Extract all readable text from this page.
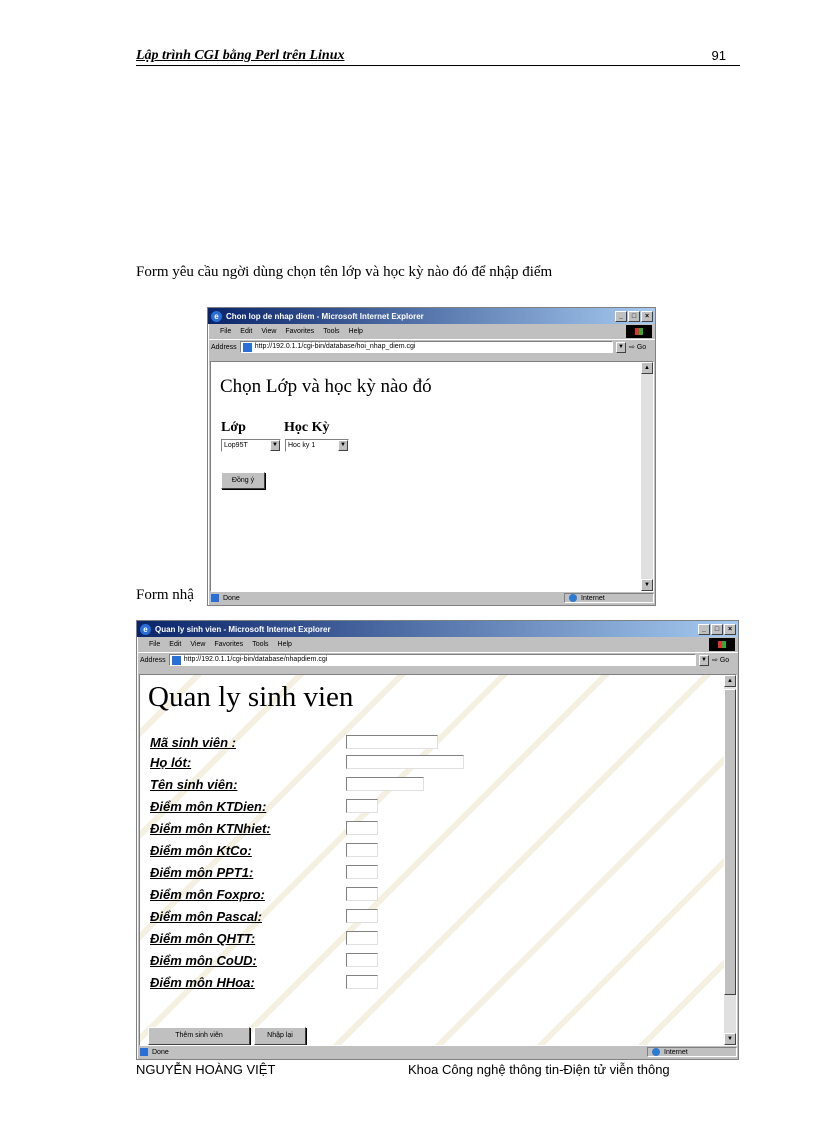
Lập trình CGI bằng Perl trên Linux	91
Form yêu cầu ngời dùng chọn tên lớp và học kỳ nào đó để nhập điểm
e Chon lop de nhap diem - Microsoft Internet Explorer	_	□	×
File Edit View Favorites Tools Help
Address	http://192.0.1.1/cgi-bin/database/hoi_nhap_diem.cgi	▼ ⇨ Go
Chọn Lớp và học kỳ nào đó
Lớp	Học Kỳ
Lop95T	▼	Hoc ky 1	▼
Đồng ý
▲
▼
Done	Internet
Form nhậ
e Quan ly sinh vien - Microsoft Internet Explorer	_	□	×
File Edit View Favorites Tools Help
Address	http://192.0.1.1/cgi-bin/database/nhapdiem.cgi	▼ ⇨ Go
Quan ly sinh vien
Mã sinh viên :
Họ lót:
Tên sinh viên:
Điểm môn KTDien:
Điểm môn KTNhiet:
Điểm môn KtCo:
Điểm môn PPT1:
Điểm môn Foxpro:
Điểm môn Pascal:
Điểm môn QHTT:
Điểm môn CoUD:
Điểm môn HHoa:
Thêm sinh viên	Nhập lại
▲
▼
Done	Internet
NGUYỄN HOÀNG VIỆT	Khoa Công nghệ thông tin-Điện tử viễn thông
